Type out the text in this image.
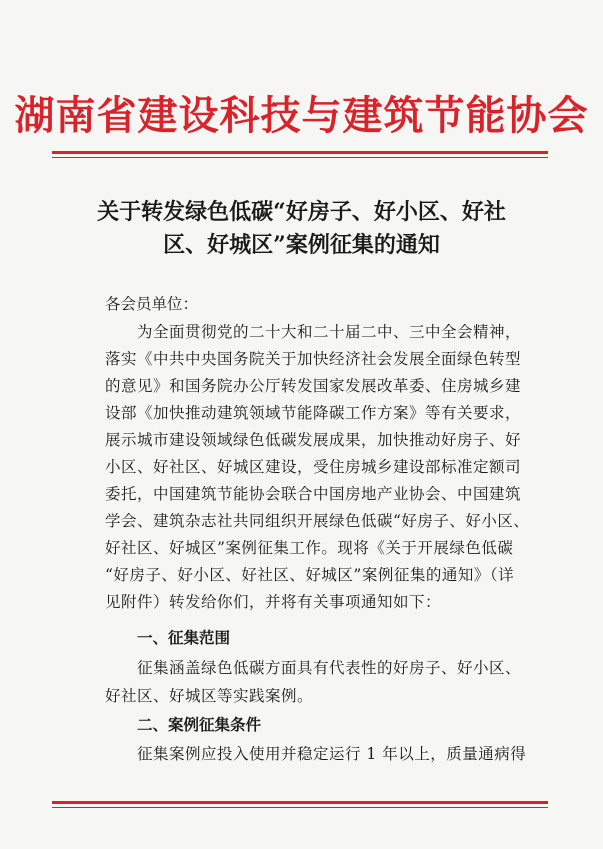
湖南省建设科技与建筑节能协会
关于转发绿色低碳“好房子、好小区、好社
区、好城区”案例征集的通知
各会员单位：
为全面贯彻党的二十大和二十届二中、三中全会精神，
落实《中共中央国务院关于加快经济社会发展全面绿色转型
的意见》和国务院办公厅转发国家发展改革委、住房城乡建
设部《加快推动建筑领域节能降碳工作方案》等有关要求，
展示城市建设领域绿色低碳发展成果，加快推动好房子、好
小区、好社区、好城区建设，受住房城乡建设部标准定额司
委托，中国建筑节能协会联合中国房地产业协会、中国建筑
学会、建筑杂志社共同组织开展绿色低碳“好房子、好小区、
好社区、好城区”案例征集工作。现将《关于开展绿色低碳
“好房子、好小区、好社区、好城区”案例征集的通知》（详
见附件）转发给你们，并将有关事项通知如下：
一、征集范围
征集涵盖绿色低碳方面具有代表性的好房子、好小区、
好社区、好城区等实践案例。
二、案例征集条件
征集案例应投入使用并稳定运行 1 年以上，质量通病得
